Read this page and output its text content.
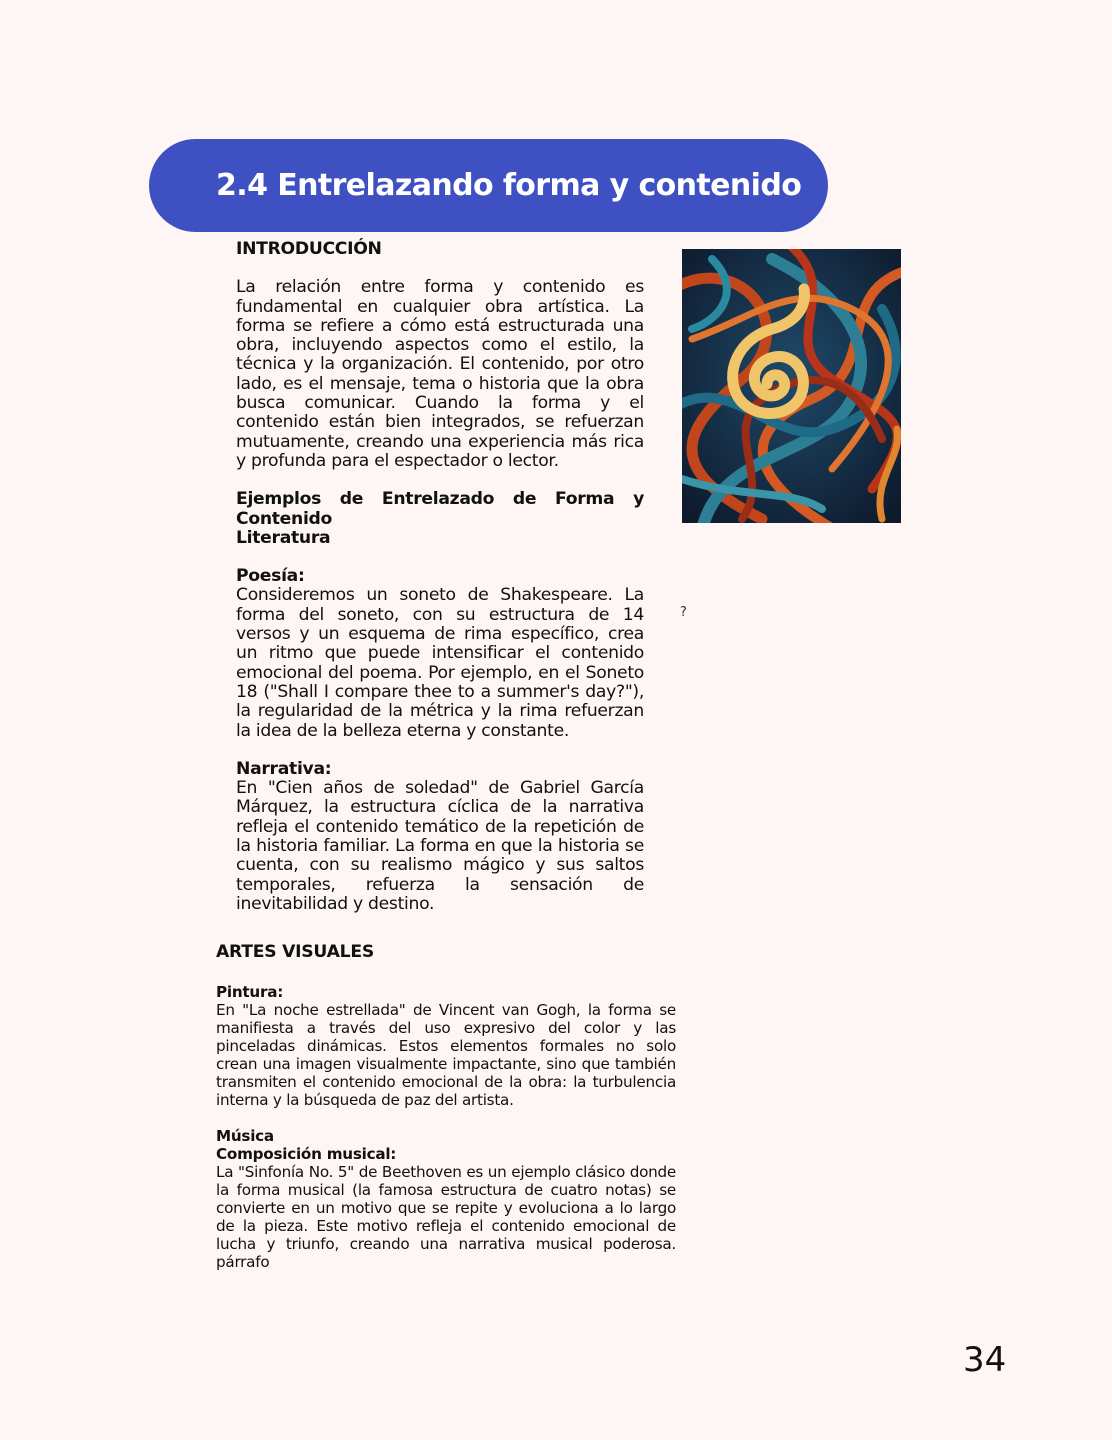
2.4 Entrelazando forma y contenido
INTRODUCCIÓN

La relación entre forma y contenido es fundamental en cualquier obra artística. La forma se refiere a cómo está estructurada una obra, incluyendo aspectos como el estilo, la técnica y la organización. El contenido, por otro lado, es el mensaje, tema o historia que la obra busca comunicar. Cuando la forma y el contenido están bien integrados, se refuerzan mutuamente, creando una experiencia más rica y profunda para el espectador o lector.

Ejemplos de Entrelazado de Forma y Contenido

Literatura
Poesía:

Consideremos un soneto de Shakespeare. La forma del soneto, con su estructura de 14 versos y un esquema de rima específico, crea un ritmo que puede intensificar el contenido emocional del poema. Por ejemplo, en el Soneto 18 ("Shall I compare thee to a summer's day?"), la regularidad de la métrica y la rima refuerzan la idea de la belleza eterna y constante.

Narrativa:

En "Cien años de soledad" de Gabriel García Márquez, la estructura cíclica de la narrativa refleja el contenido temático de la repetición de la historia familiar. La forma en que la historia se cuenta, con su realismo mágico y sus saltos temporales, refuerza la sensación de inevitabilidad y destino.

?
ARTES VISUALES
Pintura:

En "La noche estrellada" de Vincent van Gogh, la forma se manifiesta a través del uso expresivo del color y las pinceladas dinámicas. Estos elementos formales no solo crean una imagen visualmente impactante, sino que también transmiten el contenido emocional de la obra: la turbulencia interna y la búsqueda de paz del artista.

Música
Composición musical:

La "Sinfonía No. 5" de Beethoven es un ejemplo clásico donde la forma musical (la famosa estructura de cuatro notas) se convierte en un motivo que se repite y evoluciona a lo largo de la pieza. Este motivo refleja el contenido emocional de lucha y triunfo, creando una narrativa musical poderosa. párrafo

34
